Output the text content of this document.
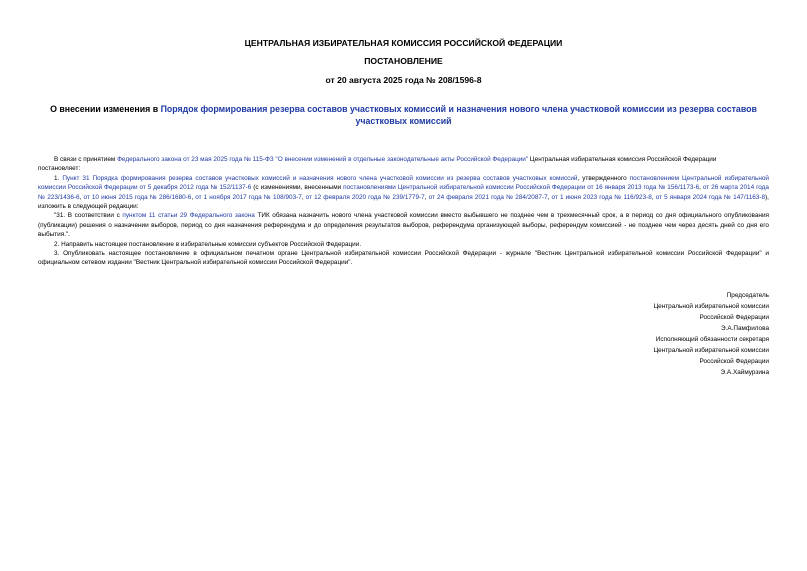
ЦЕНТРАЛЬНАЯ ИЗБИРАТЕЛЬНАЯ КОМИССИЯ РОССИЙСКОЙ ФЕДЕРАЦИИ
ПОСТАНОВЛЕНИЕ
от 20 августа 2025 года № 208/1596-8
О внесении изменения в Порядок формирования резерва составов участковых комиссий и назначения нового члена участковой комиссии из резерва составов участковых комиссий

В связи с принятием Федерального закона от 23 мая 2025 года № 115-ФЗ "О внесении изменений в отдельные законодательные акты Российской Федерации" Центральная избирательная комиссия Российской Федерации

постановляет:

1. Пункт 31 Порядка формирования резерва составов участковых комиссий и назначения нового члена участковой комиссии из резерва составов участковых комиссий, утвержденного постановлением Центральной избирательной комиссии Российской Федерации от 5 декабря 2012 года № 152/1137-6 (с изменениями, внесенными постановлениями Центральной избирательной комиссии Российской Федерации от 16 января 2013 года № 156/1173-6, от 26 марта 2014 года № 223/1436-6, от 10 июня 2015 года № 286/1680-6, от 1 ноября 2017 года № 108/903-7, от 12 февраля 2020 года № 239/1779-7, от 24 февраля 2021 года № 284/2087-7, от 1 июня 2023 года № 116/923-8, от 5 января 2024 года № 147/1163-8), изложить в следующей редакции:

"31. В соответствии с пунктом 11 статьи 29 Федерального закона ТИК обязана назначить нового члена участковой комиссии вместо выбывшего не позднее чем в трехмесячный срок, а в период со дня официального опубликования (публикации) решения о назначении выборов, период со дня назначения референдума и до определения результатов выборов, референдума организующей выборы, референдум комиссией - не позднее чем через десять дней со дня его выбытия.".

2. Направить настоящее постановление в избирательные комиссии субъектов Российской Федерации.

3. Опубликовать настоящее постановление в официальном печатном органе Центральной избирательной комиссии Российской Федерации - журнале "Вестник Центральной избирательной комиссии Российской Федерации" и официальном сетевом издании "Вестник Центральной избирательной комиссии Российской Федерации".

Председатель
Центральной избирательной комиссии
Российской Федерации
Э.А.Памфилова
Исполняющий обязанности секретаря
Центральной избирательной комиссии
Российской Федерации
Э.А.Хаймурзина
